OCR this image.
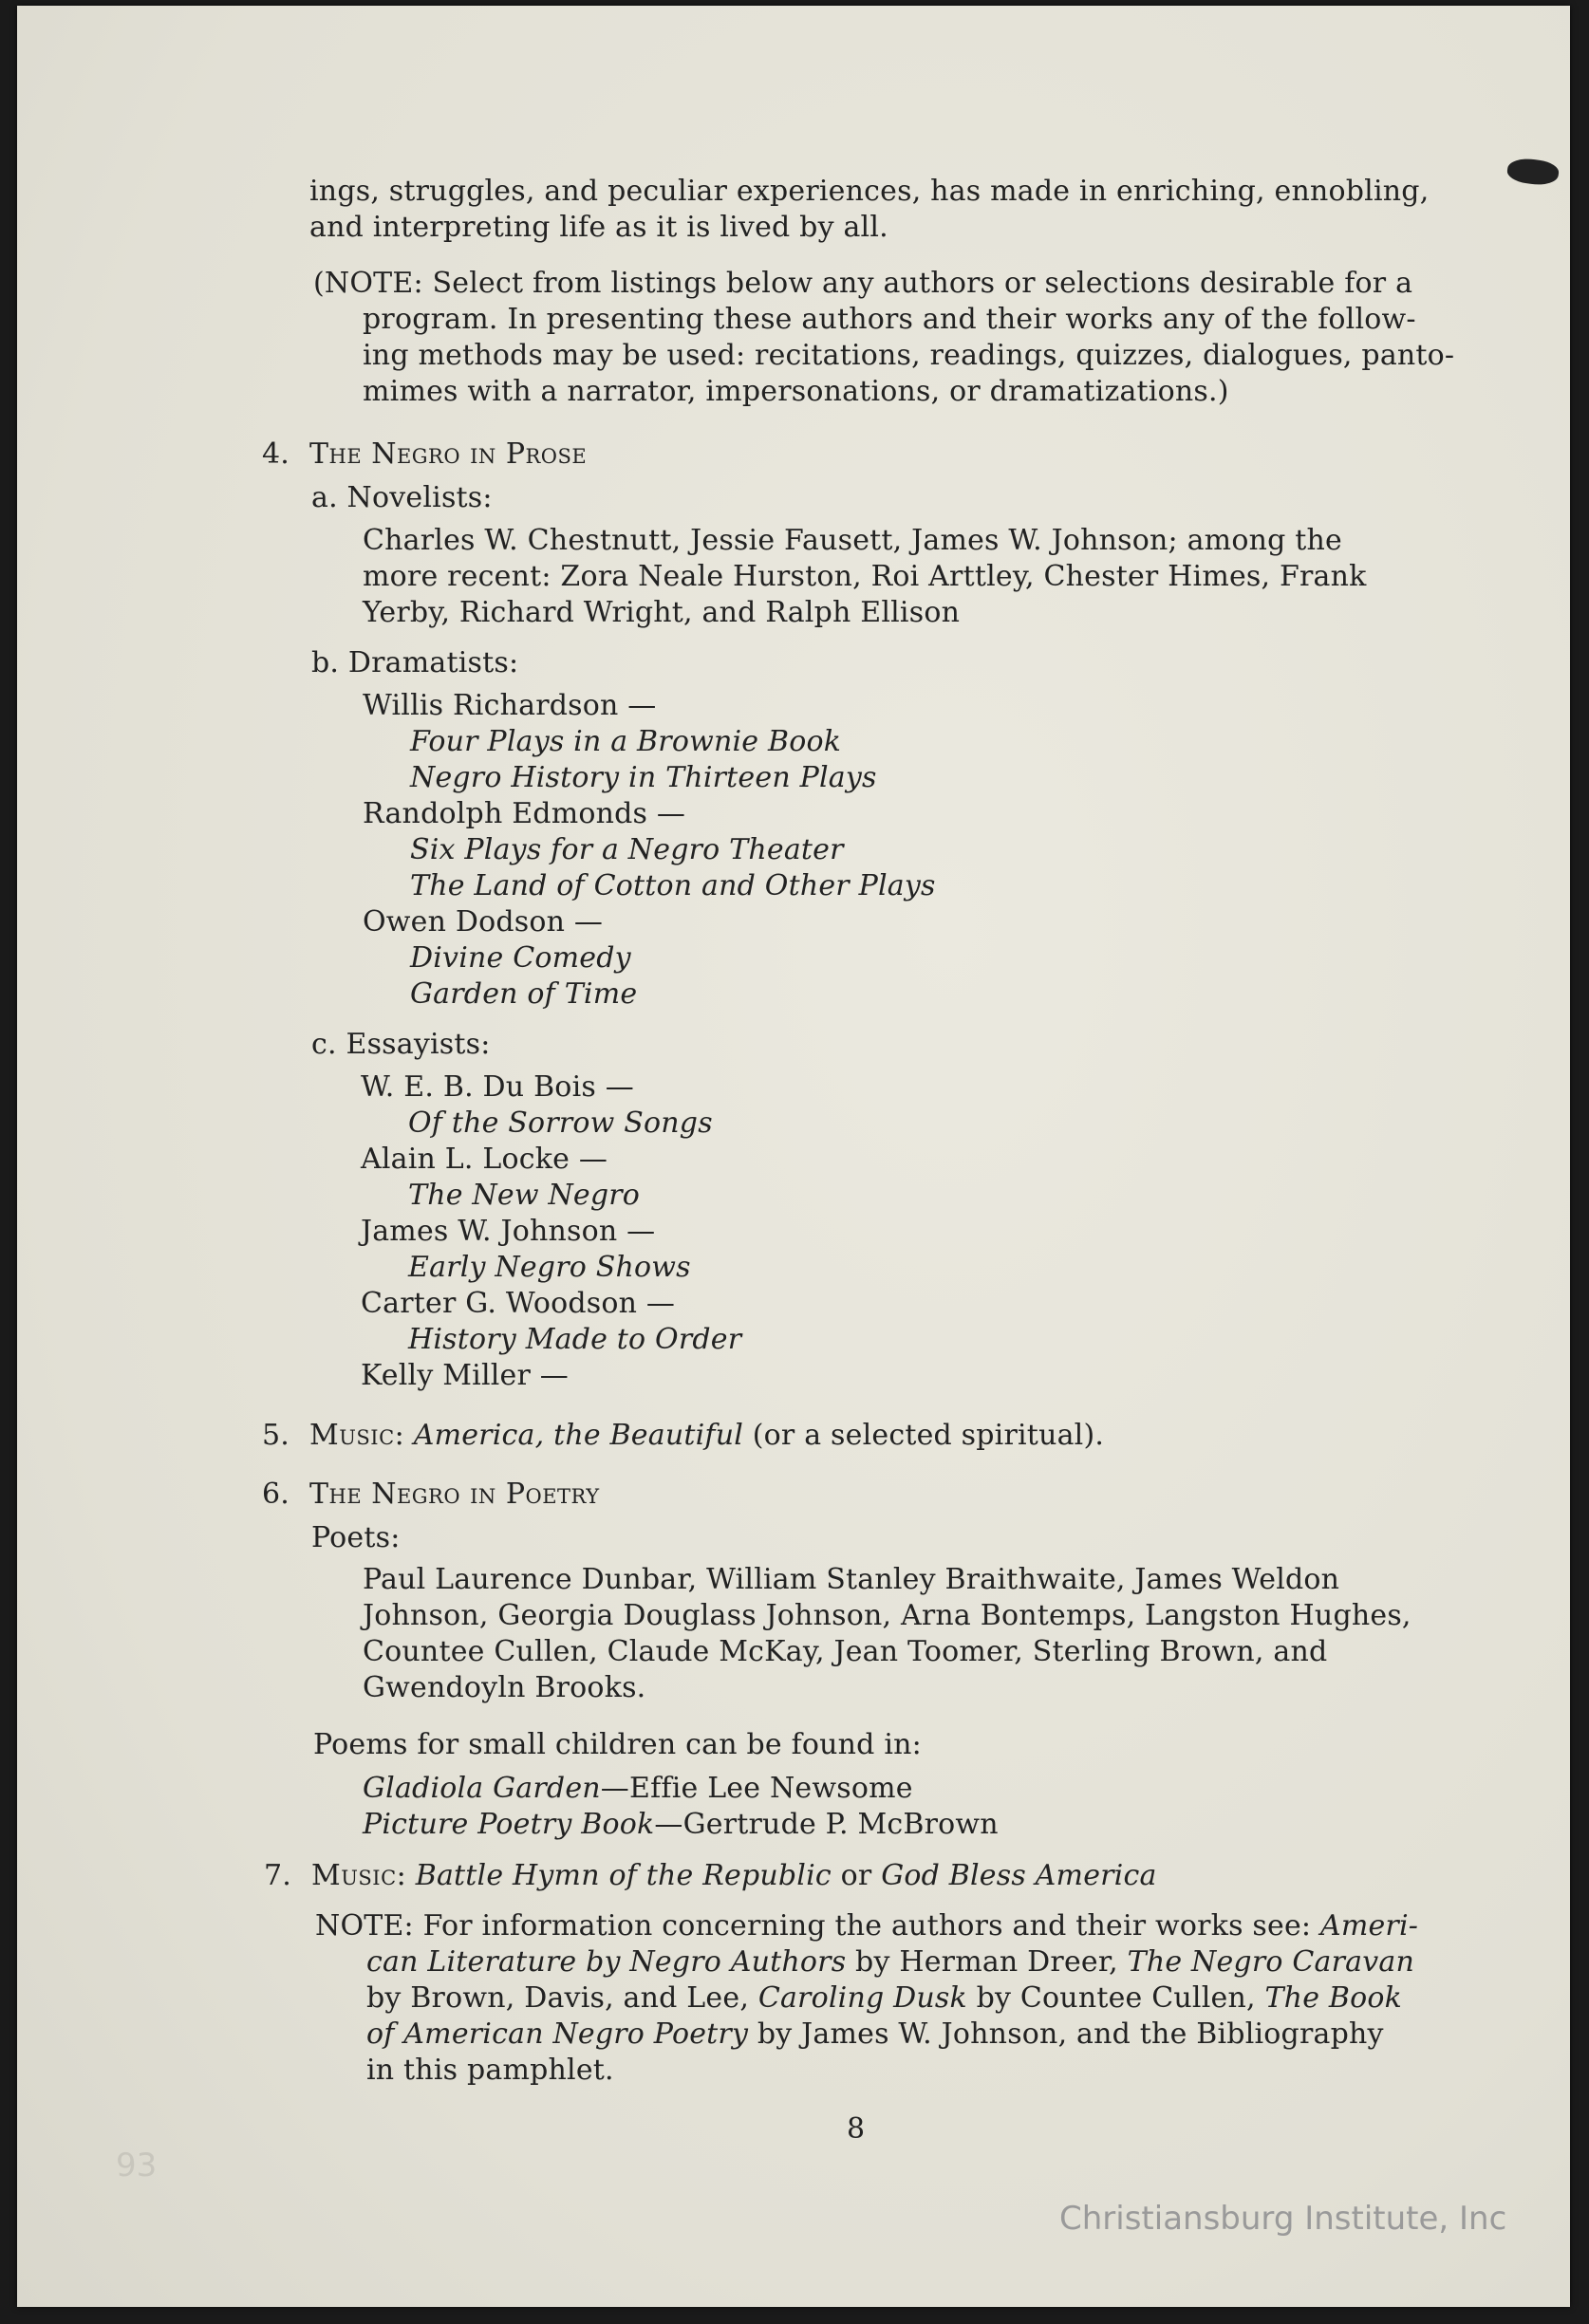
ings, struggles, and peculiar experiences, has made in enriching, ennobling,
and interpreting life as it is lived by all.
(NOTE: Select from listings below any authors or selections desirable for a
program. In presenting these authors and their works any of the follow-
ing methods may be used: recitations, readings, quizzes, dialogues, panto-
mimes with a narrator, impersonations, or dramatizations.)
4. The Negro in Prose
a. Novelists:
Charles W. Chestnutt, Jessie Fausett, James W. Johnson; among the
more recent: Zora Neale Hurston, Roi Arttley, Chester Himes, Frank
Yerby, Richard Wright, and Ralph Ellison
b. Dramatists:
Willis Richardson —
Four Plays in a Brownie Book
Negro History in Thirteen Plays
Randolph Edmonds —
Six Plays for a Negro Theater
The Land of Cotton and Other Plays
Owen Dodson —
Divine Comedy
Garden of Time
c. Essayists:
W. E. B. Du Bois —
Of the Sorrow Songs
Alain L. Locke —
The New Negro
James W. Johnson —
Early Negro Shows
Carter G. Woodson —
History Made to Order
Kelly Miller —
5. Music: America, the Beautiful (or a selected spiritual).
6. The Negro in Poetry
Poets:
Paul Laurence Dunbar, William Stanley Braithwaite, James Weldon
Johnson, Georgia Douglass Johnson, Arna Bontemps, Langston Hughes,
Countee Cullen, Claude McKay, Jean Toomer, Sterling Brown, and
Gwendoyln Brooks.
Poems for small children can be found in:
Gladiola Garden—Effie Lee Newsome
Picture Poetry Book—Gertrude P. McBrown
7. Music: Battle Hymn of the Republic or God Bless America
NOTE: For information concerning the authors and their works see: Ameri-
can Literature by Negro Authors by Herman Dreer, The Negro Caravan
by Brown, Davis, and Lee, Caroling Dusk by Countee Cullen, The Book
of American Negro Poetry by James W. Johnson, and the Bibliography
in this pamphlet.
8
93
Christiansburg Institute, Inc
